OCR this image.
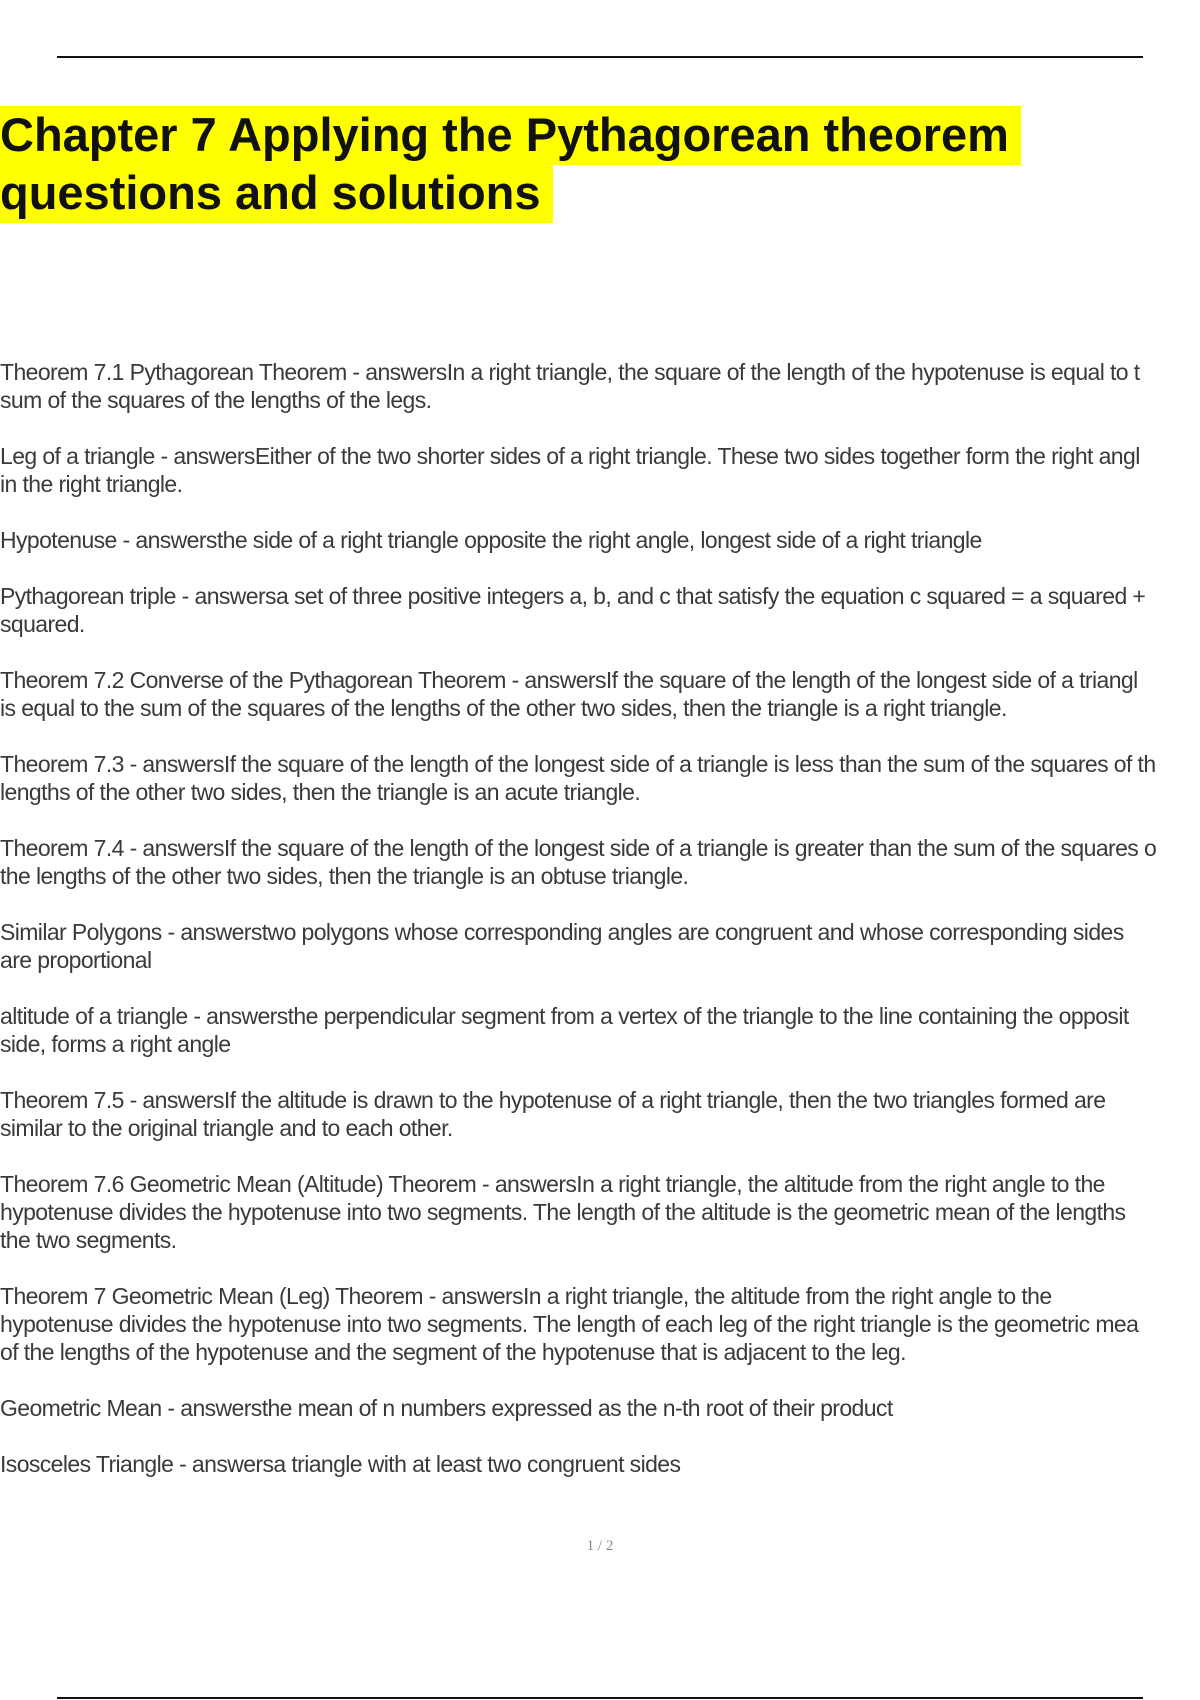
Chapter 7 Applying the Pythagorean theorem
questions and solutions
Theorem 7.1 Pythagorean Theorem - answersIn a right triangle, the square of the length of the hypotenuse is equal to t
sum of the squares of the lengths of the legs.
Leg of a triangle - answersEither of the two shorter sides of a right triangle. These two sides together form the right angl
in the right triangle.
Hypotenuse - answersthe side of a right triangle opposite the right angle, longest side of a right triangle
Pythagorean triple - answersa set of three positive integers a, b, and c that satisfy the equation c squared = a squared +
squared.
Theorem 7.2 Converse of the Pythagorean Theorem - answersIf the square of the length of the longest side of a triangl
is equal to the sum of the squares of the lengths of the other two sides, then the triangle is a right triangle.
Theorem 7.3 - answersIf the square of the length of the longest side of a triangle is less than the sum of the squares of th
lengths of the other two sides, then the triangle is an acute triangle.
Theorem 7.4 - answersIf the square of the length of the longest side of a triangle is greater than the sum of the squares o
the lengths of the other two sides, then the triangle is an obtuse triangle.
Similar Polygons - answerstwo polygons whose corresponding angles are congruent and whose corresponding sides
are proportional
altitude of a triangle - answersthe perpendicular segment from a vertex of the triangle to the line containing the opposit
side, forms a right angle
Theorem 7.5 - answersIf the altitude is drawn to the hypotenuse of a right triangle, then the two triangles formed are
similar to the original triangle and to each other.
Theorem 7.6 Geometric Mean (Altitude) Theorem - answersIn a right triangle, the altitude from the right angle to the
hypotenuse divides the hypotenuse into two segments. The length of the altitude is the geometric mean of the lengths
the two segments.
Theorem 7 Geometric Mean (Leg) Theorem - answersIn a right triangle, the altitude from the right angle to the
hypotenuse divides the hypotenuse into two segments. The length of each leg of the right triangle is the geometric mea
of the lengths of the hypotenuse and the segment of the hypotenuse that is adjacent to the leg.
Geometric Mean - answersthe mean of n numbers expressed as the n-th root of their product
Isosceles Triangle - answersa triangle with at least two congruent sides
1 / 2
